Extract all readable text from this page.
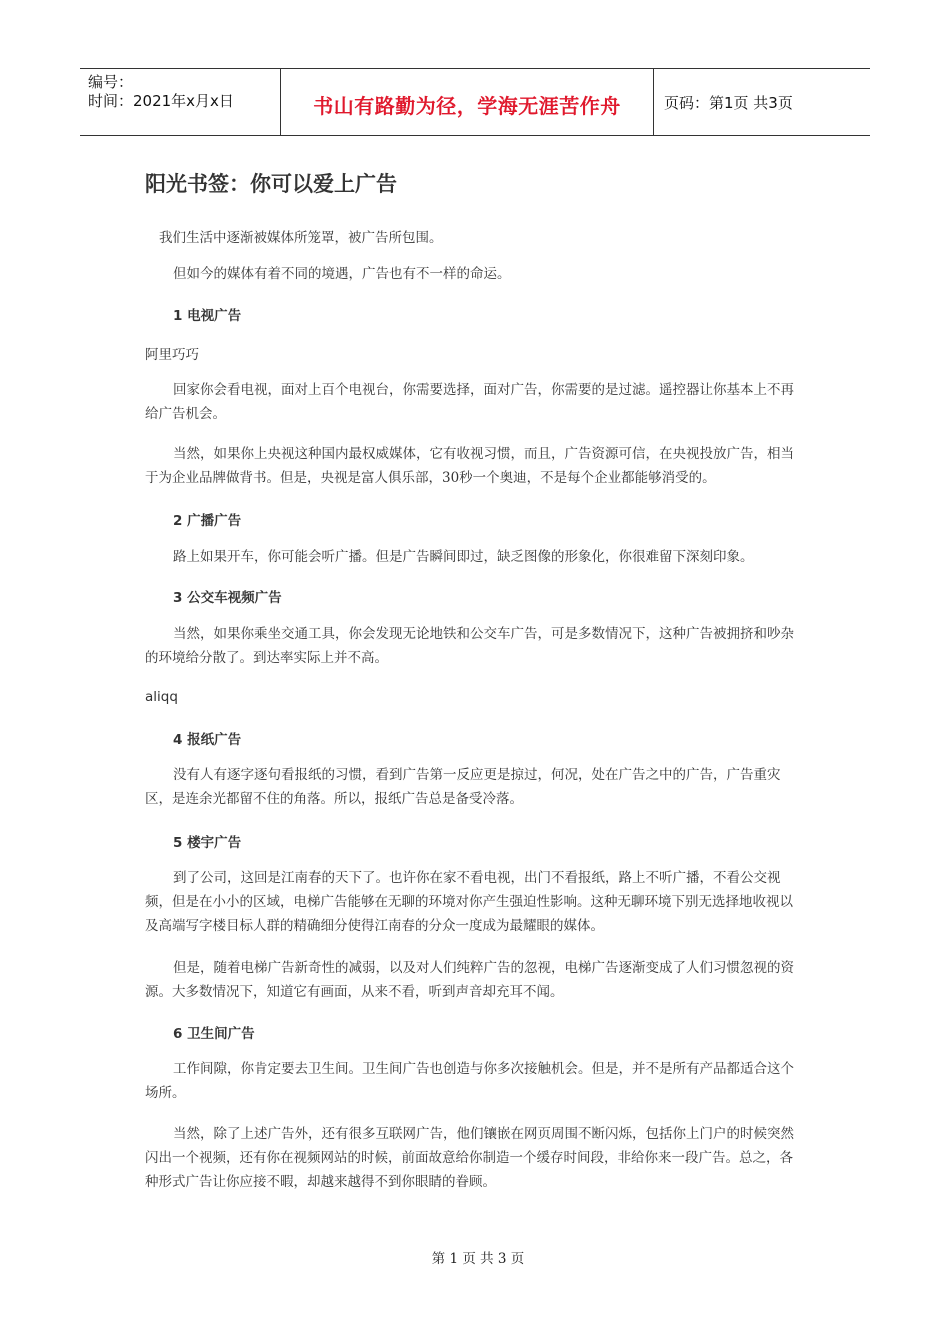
编号：
时间：2021年x月x日	书山有路勤为径，学海无涯苦作舟	页码：第1页 共3页
阳光书签：你可以爱上广告
我们生活中逐渐被媒体所笼罩，被广告所包围。
但如今的媒体有着不同的境遇，广告也有不一样的命运。
1 电视广告
阿里巧巧
回家你会看电视，面对上百个电视台，你需要选择，面对广告，你需要的是过滤。遥控器让你基本上不再给广告机会。
当然，如果你上央视这种国内最权威媒体，它有收视习惯，而且，广告资源可信，在央视投放广告，相当于为企业品牌做背书。但是，央视是富人俱乐部，30秒一个奥迪，不是每个企业都能够消受的。
2 广播广告
路上如果开车，你可能会听广播。但是广告瞬间即过，缺乏图像的形象化，你很难留下深刻印象。
3 公交车视频广告
当然，如果你乘坐交通工具，你会发现无论地铁和公交车广告，可是多数情况下，这种广告被拥挤和吵杂的环境给分散了。到达率实际上并不高。
aliqq
4 报纸广告
没有人有逐字逐句看报纸的习惯，看到广告第一反应更是掠过，何况，处在广告之中的广告，广告重灾区，是连余光都留不住的角落。所以，报纸广告总是备受冷落。
5 楼宇广告
到了公司，这回是江南春的天下了。也许你在家不看电视，出门不看报纸，路上不听广播，不看公交视频，但是在小小的区域，电梯广告能够在无聊的环境对你产生强迫性影响。这种无聊环境下别无选择地收视以及高端写字楼目标人群的精确细分使得江南春的分众一度成为最耀眼的媒体。
但是，随着电梯广告新奇性的减弱，以及对人们纯粹广告的忽视，电梯广告逐渐变成了人们习惯忽视的资源。大多数情况下，知道它有画面，从来不看，听到声音却充耳不闻。
6 卫生间广告
工作间隙，你肯定要去卫生间。卫生间广告也创造与你多次接触机会。但是，并不是所有产品都适合这个场所。
当然，除了上述广告外，还有很多互联网广告，他们镶嵌在网页周围不断闪烁，包括你上门户的时候突然闪出一个视频，还有你在视频网站的时候，前面故意给你制造一个缓存时间段，非给你来一段广告。总之，各种形式广告让你应接不暇，却越来越得不到你眼睛的眷顾。
第 1 页 共 3 页
